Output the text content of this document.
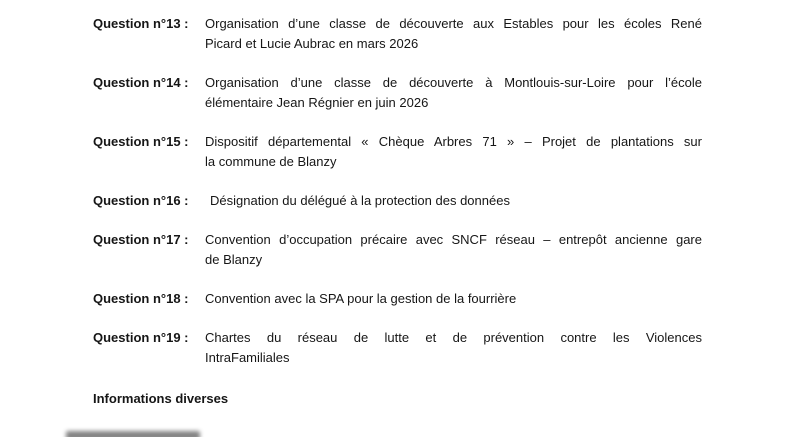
Question n°13 :	Organisation d’une classe de découverte aux Estables pour les écoles René
Picard et Lucie Aubrac en mars 2026
Question n°14 :	Organisation d’une classe de découverte à Montlouis-sur-Loire pour l’école
élémentaire Jean Régnier en juin 2026
Question n°15 :	Dispositif départemental « Chèque Arbres 71 » – Projet de plantations sur
la commune de Blanzy
Question n°16 :	Désignation du délégué à la protection des données
Question n°17 :	Convention d’occupation précaire avec SNCF réseau – entrepôt ancienne gare
de Blanzy
Question n°18 :	Convention avec la SPA pour la gestion de la fourrière
Question n°19 :	Chartes du réseau de lutte et de prévention contre les Violences
IntraFamiliales
Informations diverses
